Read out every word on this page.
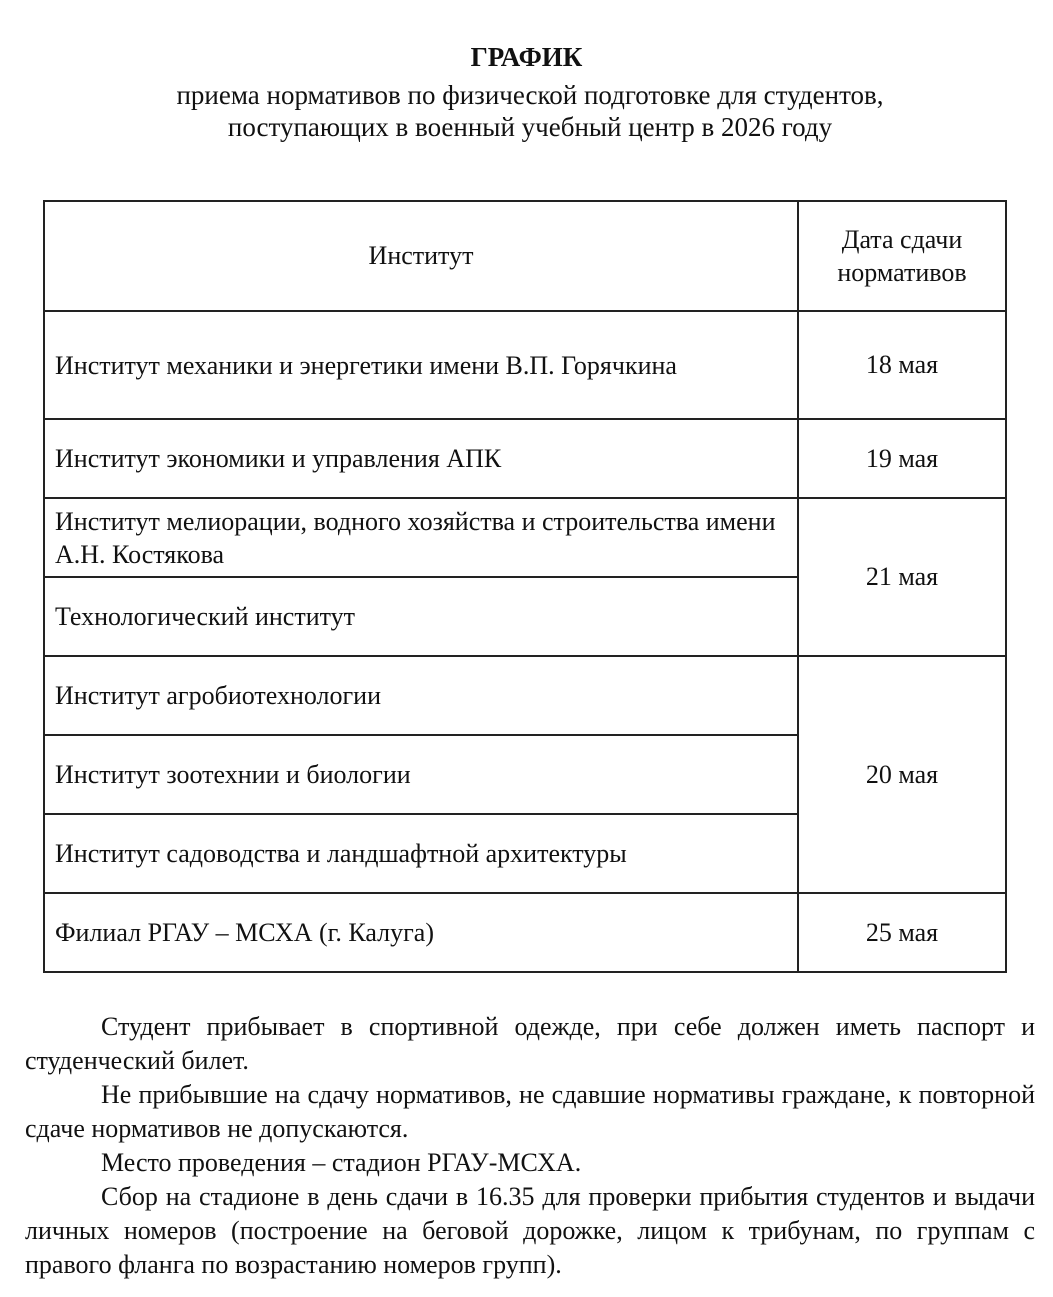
ГРАФИК
приема нормативов по физической подготовке для студентов,
поступающих в военный учебный центр в 2026 году
Институт	Дата сдачи
нормативов
Институт механики и энергетики имени В.П. Горячкина	18 мая
Институт экономики и управления АПК	19 мая
Институт мелиорации, водного хозяйства и строительства имени А.Н. Костякова	21 мая
Технологический институт	
Институт агробиотехнологии	20 мая
Институт зоотехнии и биологии	
Институт садоводства и ландшафтной архитектуры	
Филиал РГАУ – МСХА (г. Калуга)	25 мая

Студент прибывает в спортивной одежде, при себе должен иметь паспорт и студенческий билет.

Не прибывшие на сдачу нормативов, не сдавшие нормативы граждане, к повторной сдаче нормативов не допускаются.

Место проведения – стадион РГАУ-МСХА.

Сбор на стадионе в день сдачи в 16.35 для проверки прибытия студентов и выдачи личных номеров (построение на беговой дорожке, лицом к трибунам, по группам с правого фланга по возрастанию номеров групп).
